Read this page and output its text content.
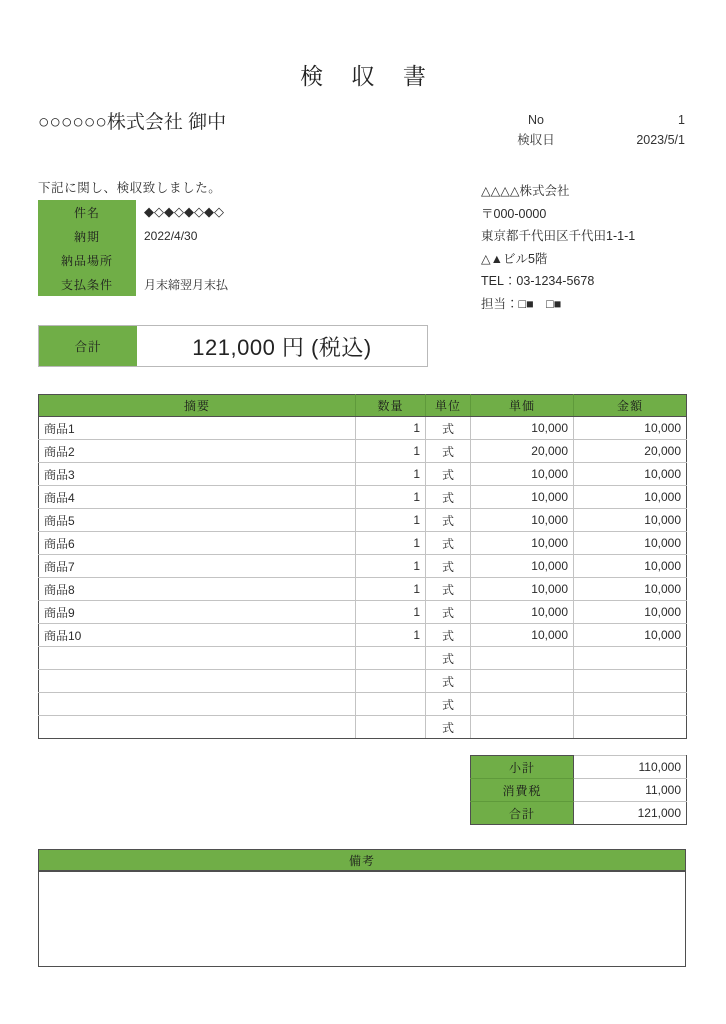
検 収 書
○○○○○○株式会社 御中	No	1
検収日	2023/5/1
下記に関し、検収致しました。
件名	◆◇◆◇◆◇◆◇
納期	2022/4/30
納品場所	
支払条件	月末締翌月末払
△△△△株式会社
〒000-0000
東京都千代田区千代田1-1-1
△▲ビル5階
TEL：03-1234-5678
担当：□■　□■
合計	121,000 円 (税込)
摘要	数量	単位	単価	金額
商品1	1	式	10,000	10,000
商品2	1	式	20,000	20,000
商品3	1	式	10,000	10,000
商品4	1	式	10,000	10,000
商品5	1	式	10,000	10,000
商品6	1	式	10,000	10,000
商品7	1	式	10,000	10,000
商品8	1	式	10,000	10,000
商品9	1	式	10,000	10,000
商品10	1	式	10,000	10,000
		式		
		式		
		式		
		式		
小計	110,000
消費税	11,000
合計	121,000
備考
